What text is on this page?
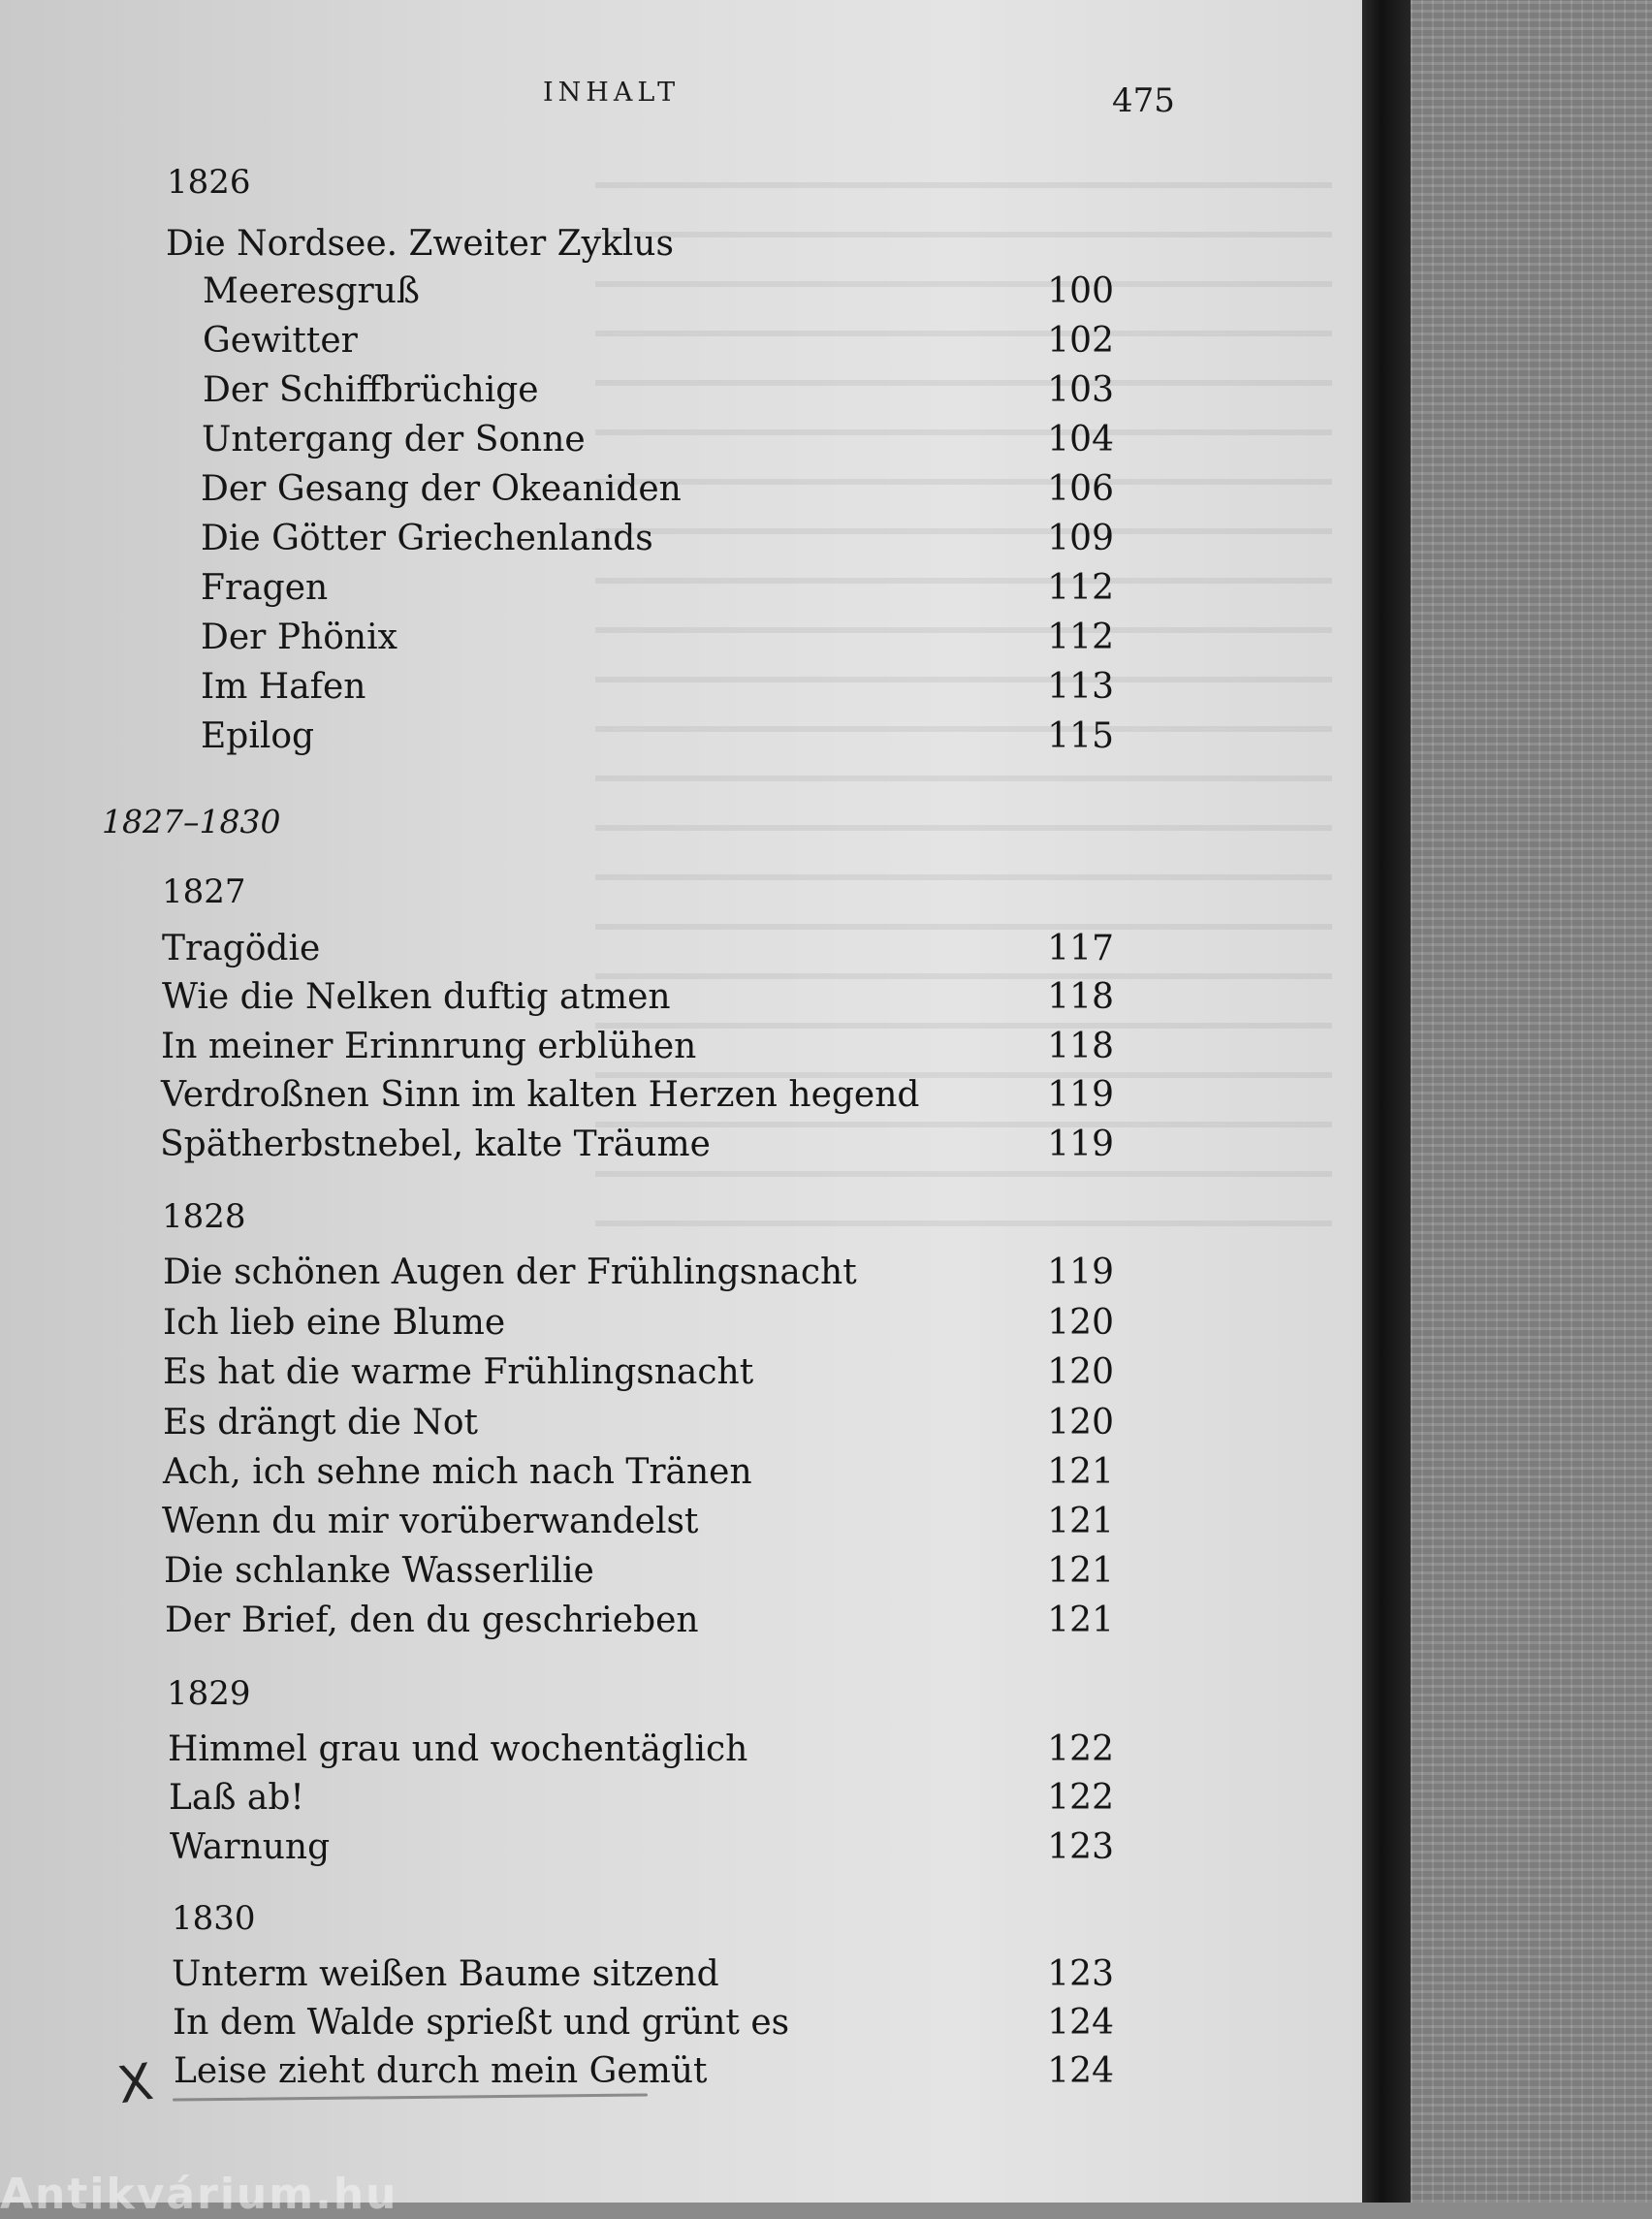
INHALT	475
1826
Die Nordsee. Zweiter Zyklus
Meeresgruß	100
Gewitter	102
Der Schiffbrüchige	103
Untergang der Sonne	104
Der Gesang der Okeaniden	106
Die Götter Griechenlands	109
Fragen	112
Der Phönix	112
Im Hafen	113
Epilog	115
1827–1830
1827
Tragödie	117
Wie die Nelken duftig atmen	118
In meiner Erinnrung erblühen	118
Verdroßnen Sinn im kalten Herzen hegend	119
Spätherbstnebel, kalte Träume	119
1828
Die schönen Augen der Frühlingsnacht	119
Ich lieb eine Blume	120
Es hat die warme Frühlingsnacht	120
Es drängt die Not	120
Ach, ich sehne mich nach Tränen	121
Wenn du mir vorüberwandelst	121
Die schlanke Wasserlilie	121
Der Brief, den du geschrieben	121
1829
Himmel grau und wochentäglich	122
Laß ab!	122
Warnung	123
1830
Unterm weißen Baume sitzend	123
In dem Walde sprießt und grünt es	124
Leise zieht durch mein Gemüt	124
X
Antikvárium.hu
